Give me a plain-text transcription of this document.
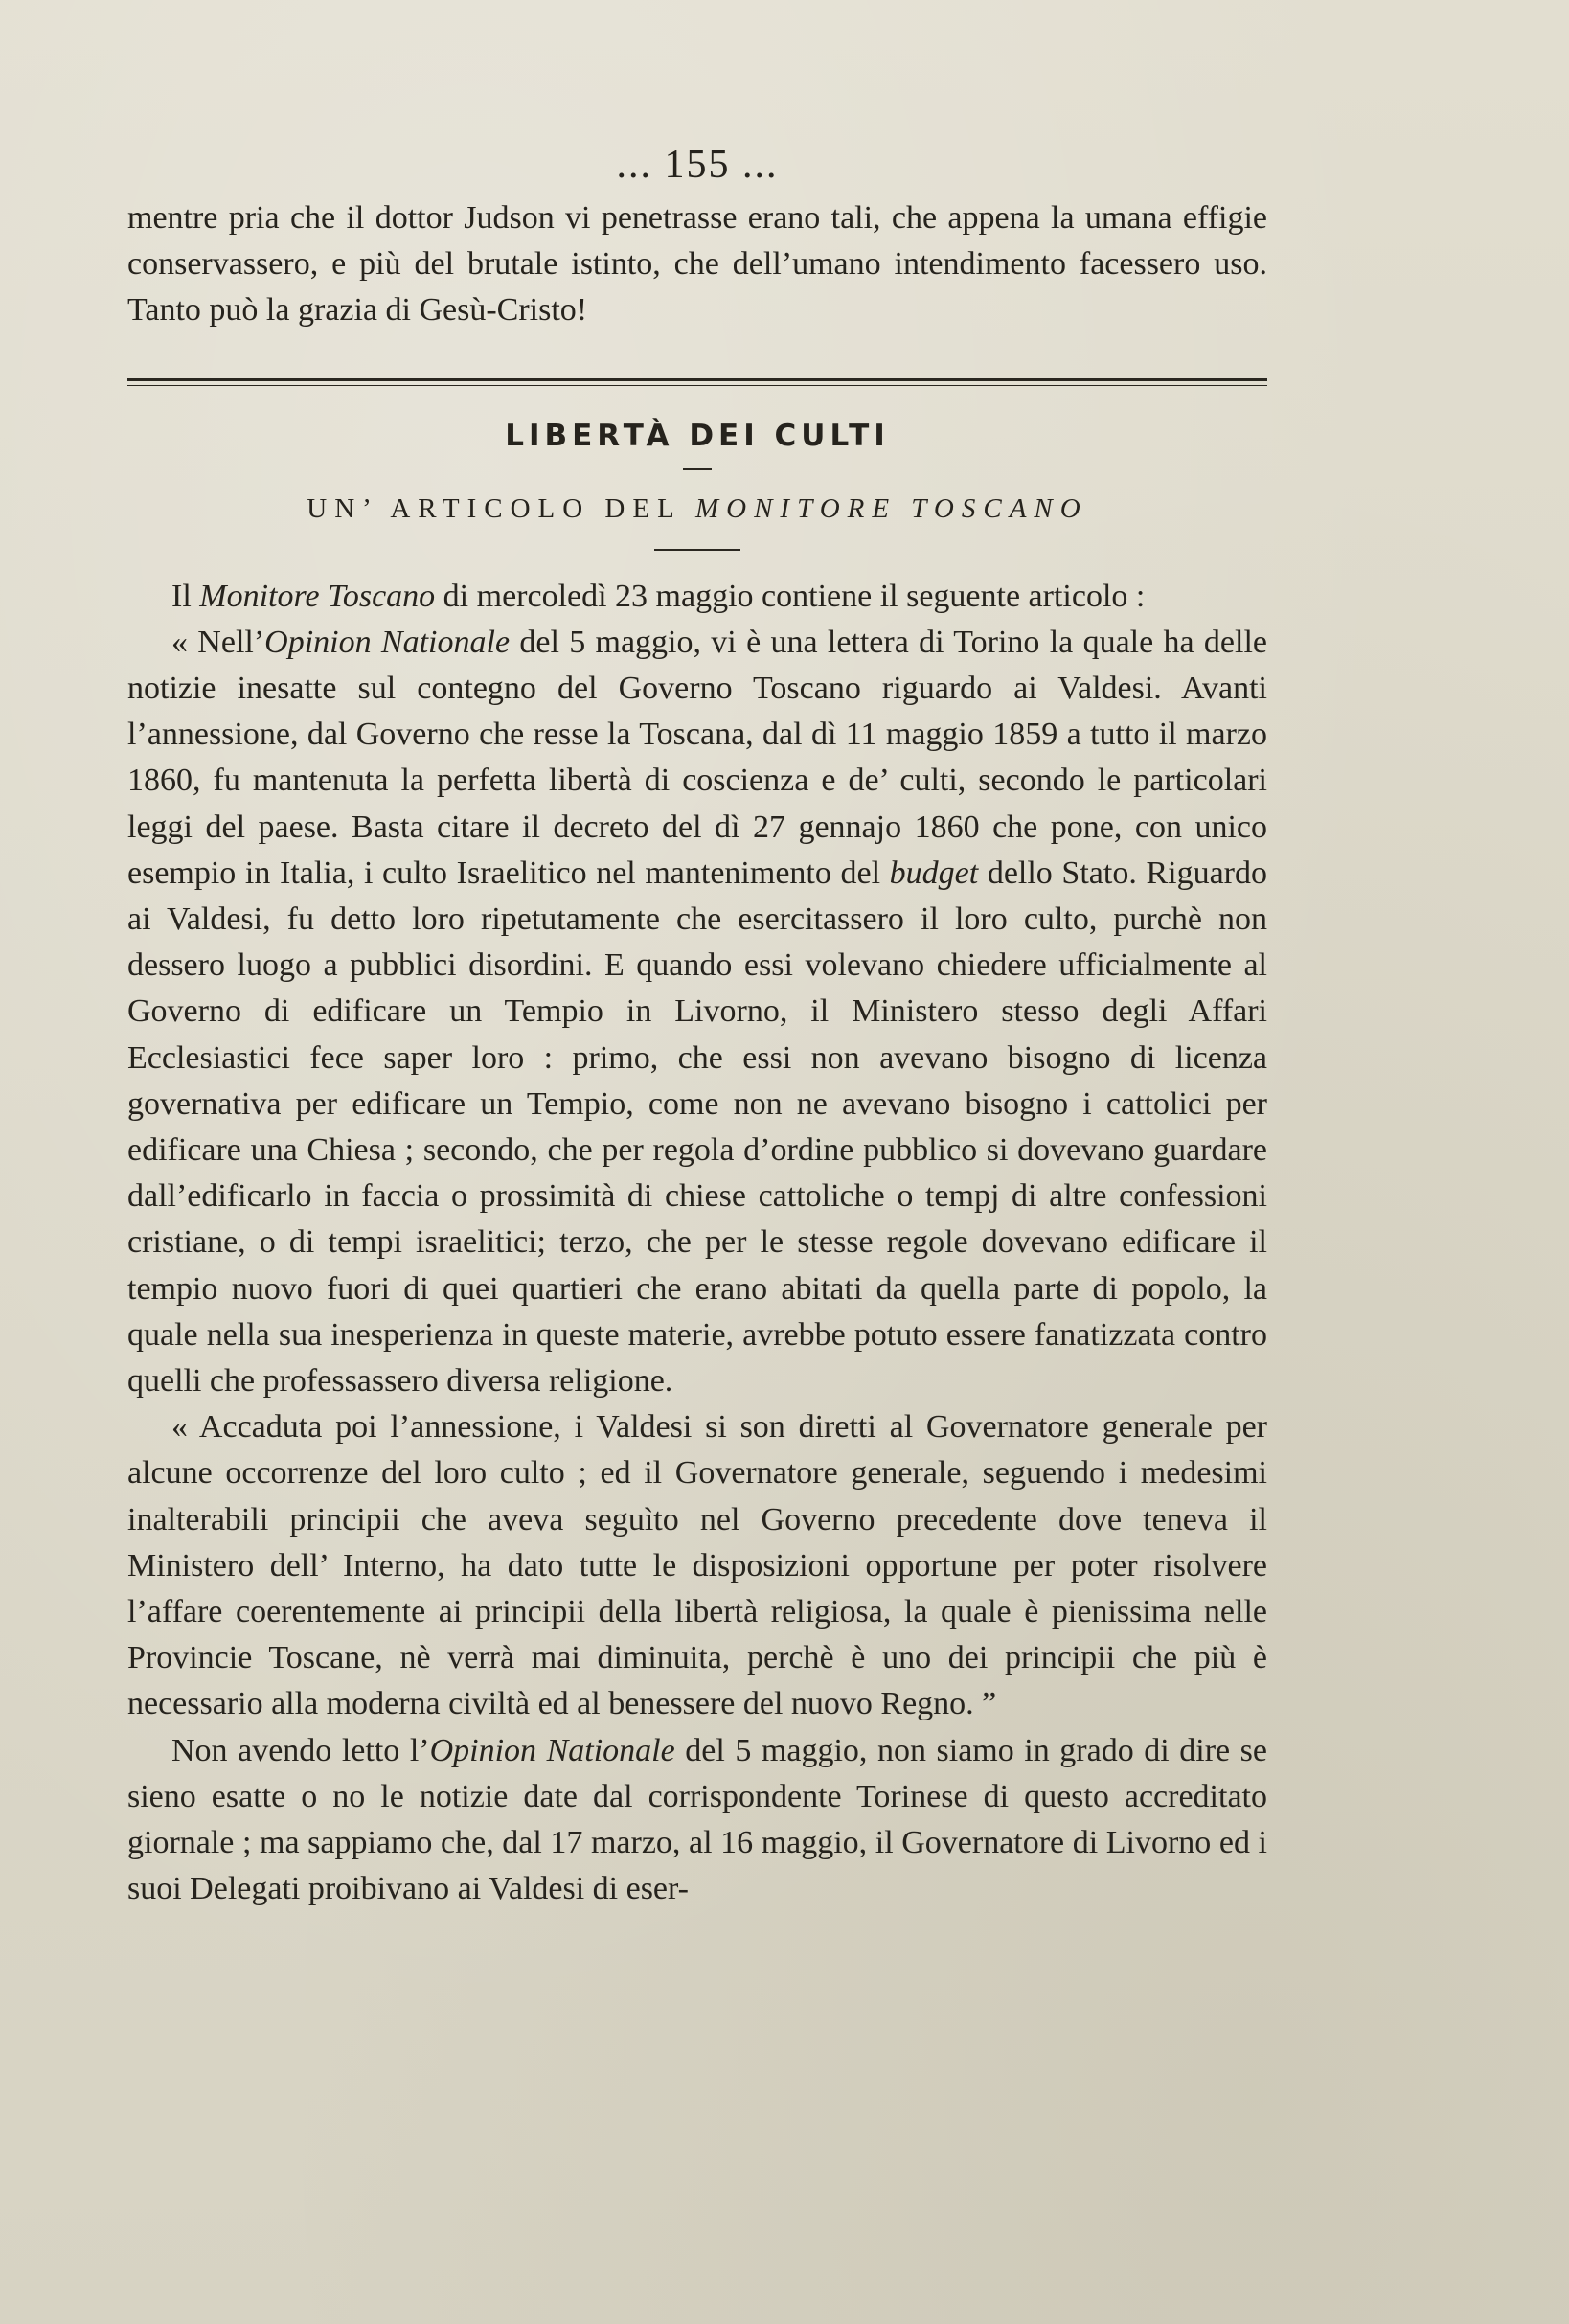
... 155 ...

mentre pria che il dottor Judson vi penetrasse erano tali, che appena la umana effigie conservassero, e più del brutale istinto, che dell’umano intendimento facessero uso. Tanto può la grazia di Gesù-Cristo!

LIBERTÀ DEI CULTI
UN’ ARTICOLO DEL MONITORE TOSCANO

Il Monitore Toscano di mercoledì 23 maggio contiene il seguente articolo :

« Nell’Opinion Nationale del 5 maggio, vi è una lettera di Torino la quale ha delle notizie inesatte sul contegno del Governo Toscano riguardo ai Valdesi. Avanti l’annessione, dal Governo che resse la Toscana, dal dì 11 maggio 1859 a tutto il marzo 1860, fu mantenuta la perfetta libertà di coscienza e de’ culti, secondo le particolari leggi del paese. Basta citare il decreto del dì 27 gennajo 1860 che pone, con unico esempio in Italia, i culto Israelitico nel mantenimento del budget dello Stato. Riguardo ai Valdesi, fu detto loro ripetutamente che esercitassero il loro culto, purchè non dessero luogo a pubblici disordini. E quando essi volevano chiedere ufficialmente al Governo di edificare un Tempio in Livorno, il Ministero stesso degli Affari Ecclesiastici fece saper loro : primo, che essi non avevano bisogno di licenza governativa per edificare un Tempio, come non ne avevano bisogno i cattolici per edificare una Chiesa ; secondo, che per regola d’ordine pubblico si dovevano guardare dall’edificarlo in faccia o prossimità di chiese cattoliche o tempj di altre confessioni cristiane, o di tempi israelitici; terzo, che per le stesse regole dovevano edificare il tempio nuovo fuori di quei quartieri che erano abitati da quella parte di popolo, la quale nella sua inesperienza in queste materie, avrebbe potuto essere fanatizzata contro quelli che professassero diversa religione.

« Accaduta poi l’annessione, i Valdesi si son diretti al Governatore generale per alcune occorrenze del loro culto ; ed il Governatore generale, seguendo i medesimi inalterabili principii che aveva seguìto nel Governo precedente dove teneva il Ministero dell’ Interno, ha dato tutte le disposizioni opportune per poter risolvere l’affare coerentemente ai principii della libertà religiosa, la quale è pienissima nelle Provincie Toscane, nè verrà mai diminuita, perchè è uno dei principii che più è necessario alla moderna civiltà ed al benessere del nuovo Regno. ”

Non avendo letto l’Opinion Nationale del 5 maggio, non siamo in grado di dire se sieno esatte o no le notizie date dal corrispondente Torinese di questo accreditato giornale ; ma sappiamo che, dal 17 marzo, al 16 maggio, il Governatore di Livorno ed i suoi Delegati proibivano ai Valdesi di eser-
